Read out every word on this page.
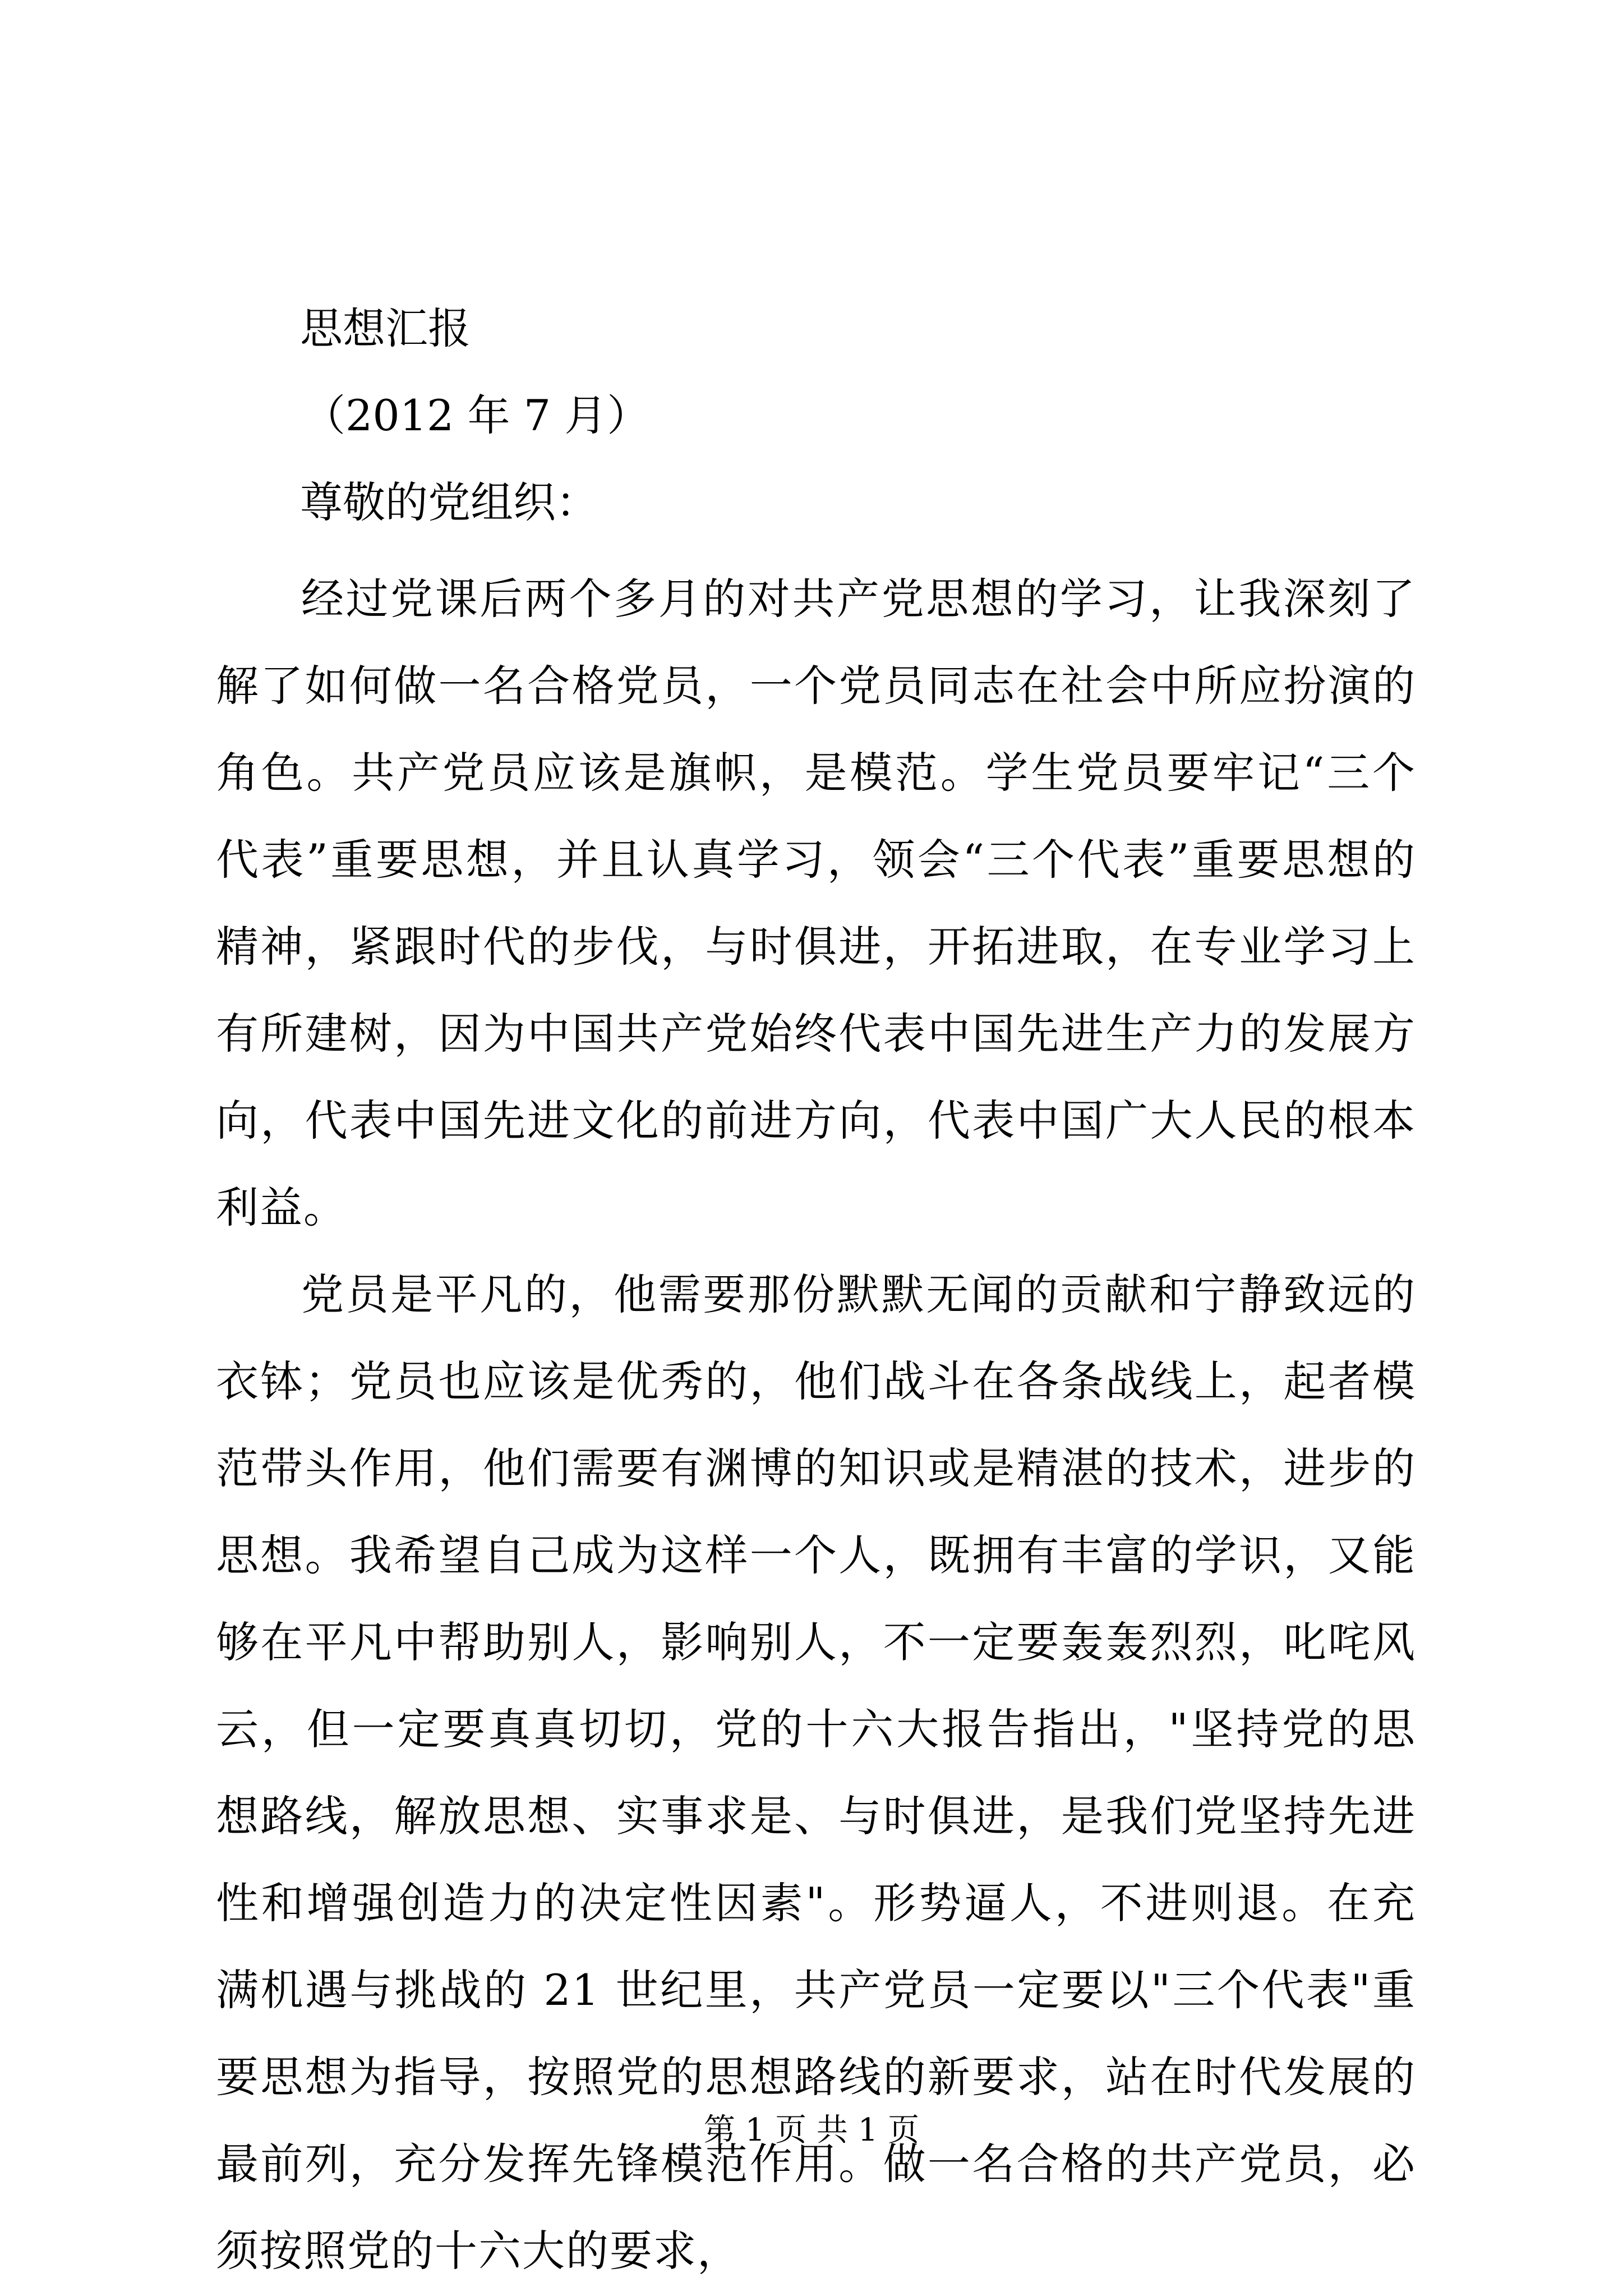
思想汇报
（2012 年 7 月）
尊敬的党组织：

经过党课后两个多月的对共产党思想的学习，让我深刻了解了如何做一名合格党员，一个党员同志在社会中所应扮演的角色。共产党员应该是旗帜，是模范。学生党员要牢记“三个代表”重要思想，并且认真学习，领会“三个代表”重要思想的精神，紧跟时代的步伐，与时俱进，开拓进取，在专业学习上有所建树，因为中国共产党始终代表中国先进生产力的发展方向，代表中国先进文化的前进方向，代表中国广大人民的根本利益。

党员是平凡的，他需要那份默默无闻的贡献和宁静致远的衣钵；党员也应该是优秀的，他们战斗在各条战线上，起者模范带头作用，他们需要有渊博的知识或是精湛的技术，进步的思想。我希望自己成为这样一个人，既拥有丰富的学识，又能够在平凡中帮助别人，影响别人，不一定要轰轰烈烈，叱咤风云，但一定要真真切切，党的十六大报告指出，"坚持党的思想路线，解放思想、实事求是、与时俱进，是我们党坚持先进性和增强创造力的决定性因素"。形势逼人，不进则退。在充满机遇与挑战的 21 世纪里，共产党员一定要以"三个代表"重要思想为指导，按照党的思想路线的新要求，站在时代发展的最前列，充分发挥先锋模范作用。做一名合格的共产党员，必须按照党的十六大的要求，

第 1 页 共 1 页
